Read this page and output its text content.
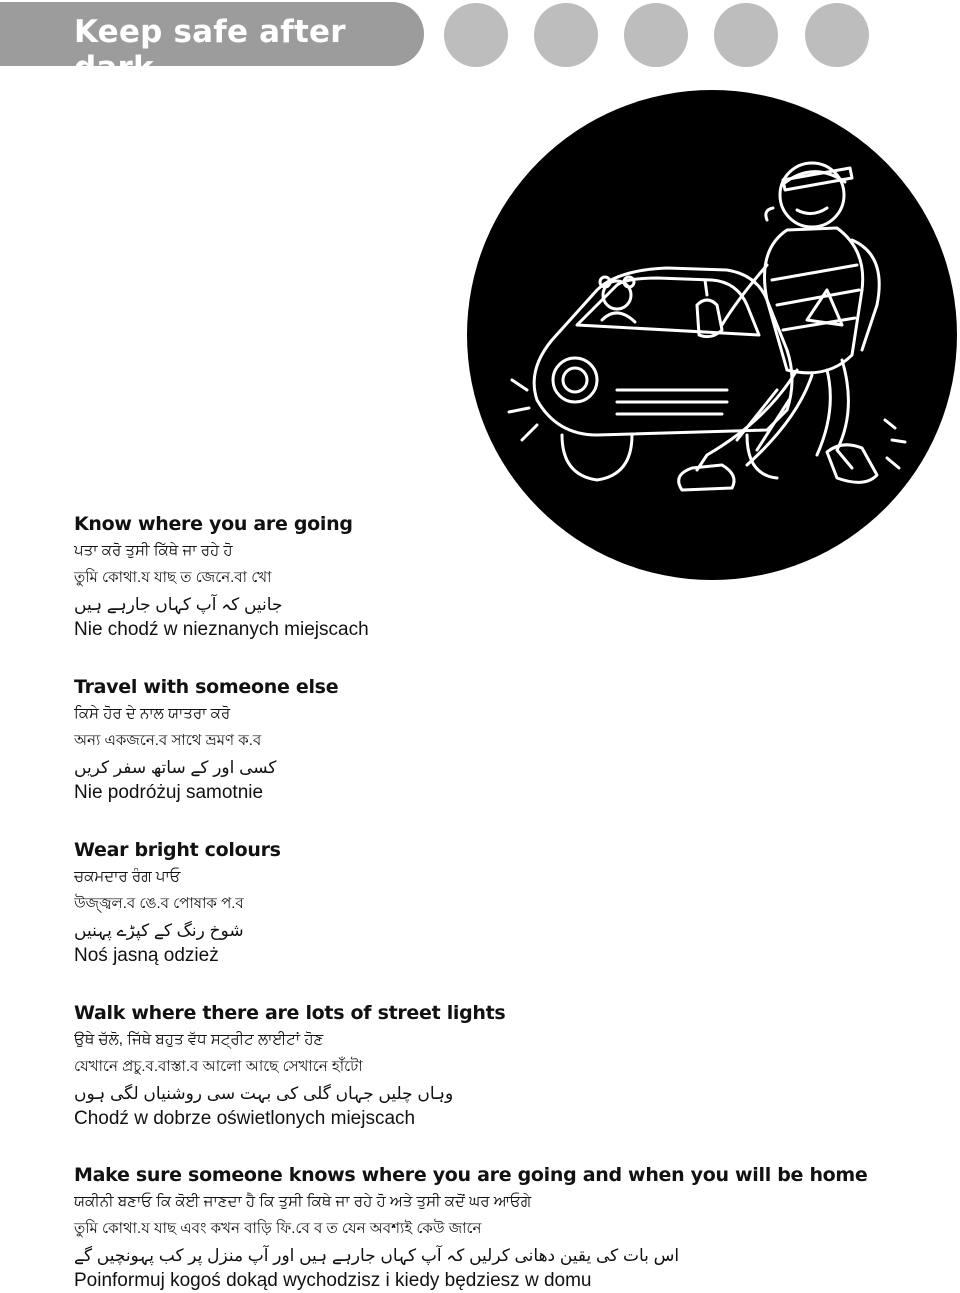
Keep safe after dark
Know where you are going
ਪਤਾ ਕਰੋ ਤੁਸੀ ਕਿੱਥੇ ਜਾ ਰਹੇ ਹੋ
তুমি কোথা.য যাছ ত জেনে.বা খো
جانیں کہ آپ کہاں جارہے ہیں
Nie chodź w nieznanych miejscach
Travel with someone else
ਕਿਸੇ ਹੋਰ ਦੇ ਨਾਲ ਯਾਤਰਾ ਕਰੋ
অন্য একজনে.ব সাথে ভ্রমণ ক.ব
کسی اور کے ساتھ سفر کریں
Nie podróżuj samotnie
Wear bright colours
ਚਕਮਦਾਰ ਰੰਗ ਪਾਓ
উজ্জ্বল.ব ঙে.ব পোষাক প.ব
شوخ رنگ کے کپڑے پہنیں
Noś jasną odzież
Walk where there are lots of street lights
ਉਥੇ ਚੱਲੋ, ਜਿੱਥੇ ਬਹੁਤ ਵੱਧ ਸਟ੍ਰੀਟ ਲਾਈਟਾਂ ਹੋਣ
যেখানে প্রচু.ব.বাস্তা.ব আলো আছে সেখানে হাঁটো
وہاں چلیں جہاں گلی کی بہت سی روشنیاں لگی ہوں
Chodź w dobrze oświetlonych miejscach
Make sure someone knows where you are going and when you will be home
ਯਕੀਨੀ ਬਣਾਓ ਕਿ ਕੋਈ ਜਾਣਦਾ ਹੈ ਕਿ ਤੁਸੀ ਕਿਥੇ ਜਾ ਰਹੇ ਹੋ ਅਤੇ ਤੁਸੀ ਕਦੋਂ ਘਰ ਆਓਗੇ
তুমি কোথা.য যাছ এবং কখন বাড়ি ফি.বে ব ত যেন অবশ্যই কেউ জানে
اس بات کی یقین دھانی کرلیں کہ آپ کہاں جارہے ہیں اور آپ منزل پر کب پہونچیں گے
Poinformuj kogoś dokąd wychodzisz i kiedy będziesz w domu
